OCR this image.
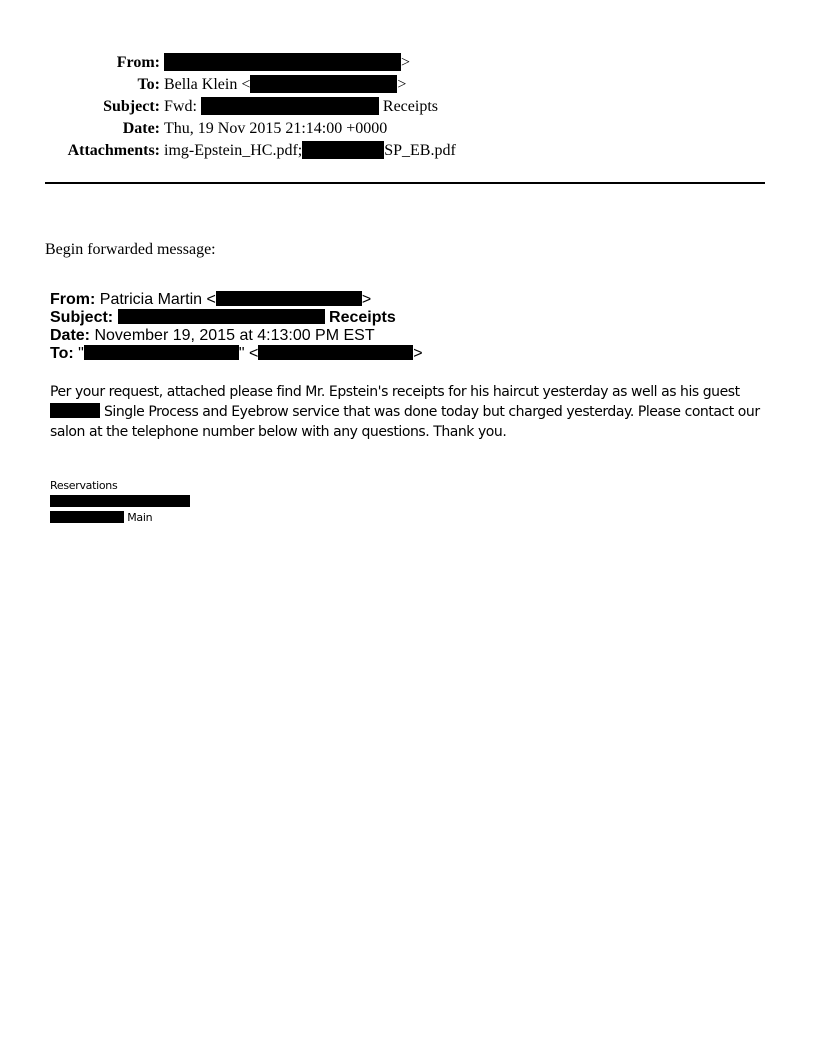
From:	>
To: Bella Klein <	>
Subject: Fwd:	Receipts
Date: Thu, 19 Nov 2015 21:14:00 +0000
Attachments: img-Epstein_HC.pdf;	SP_EB.pdf
Begin forwarded message:
From: Patricia Martin <	>
Subject:	Receipts
Date: November 19, 2015 at 4:13:00 PM EST
To: "	" <	>
Per your request, attached please find Mr. Epstein's receipts for his haircut yesterday as well as his guest
Single Process and Eyebrow service that was done today but charged yesterday. Please contact our
salon at the telephone number below with any questions. Thank you.
Reservations
Main
